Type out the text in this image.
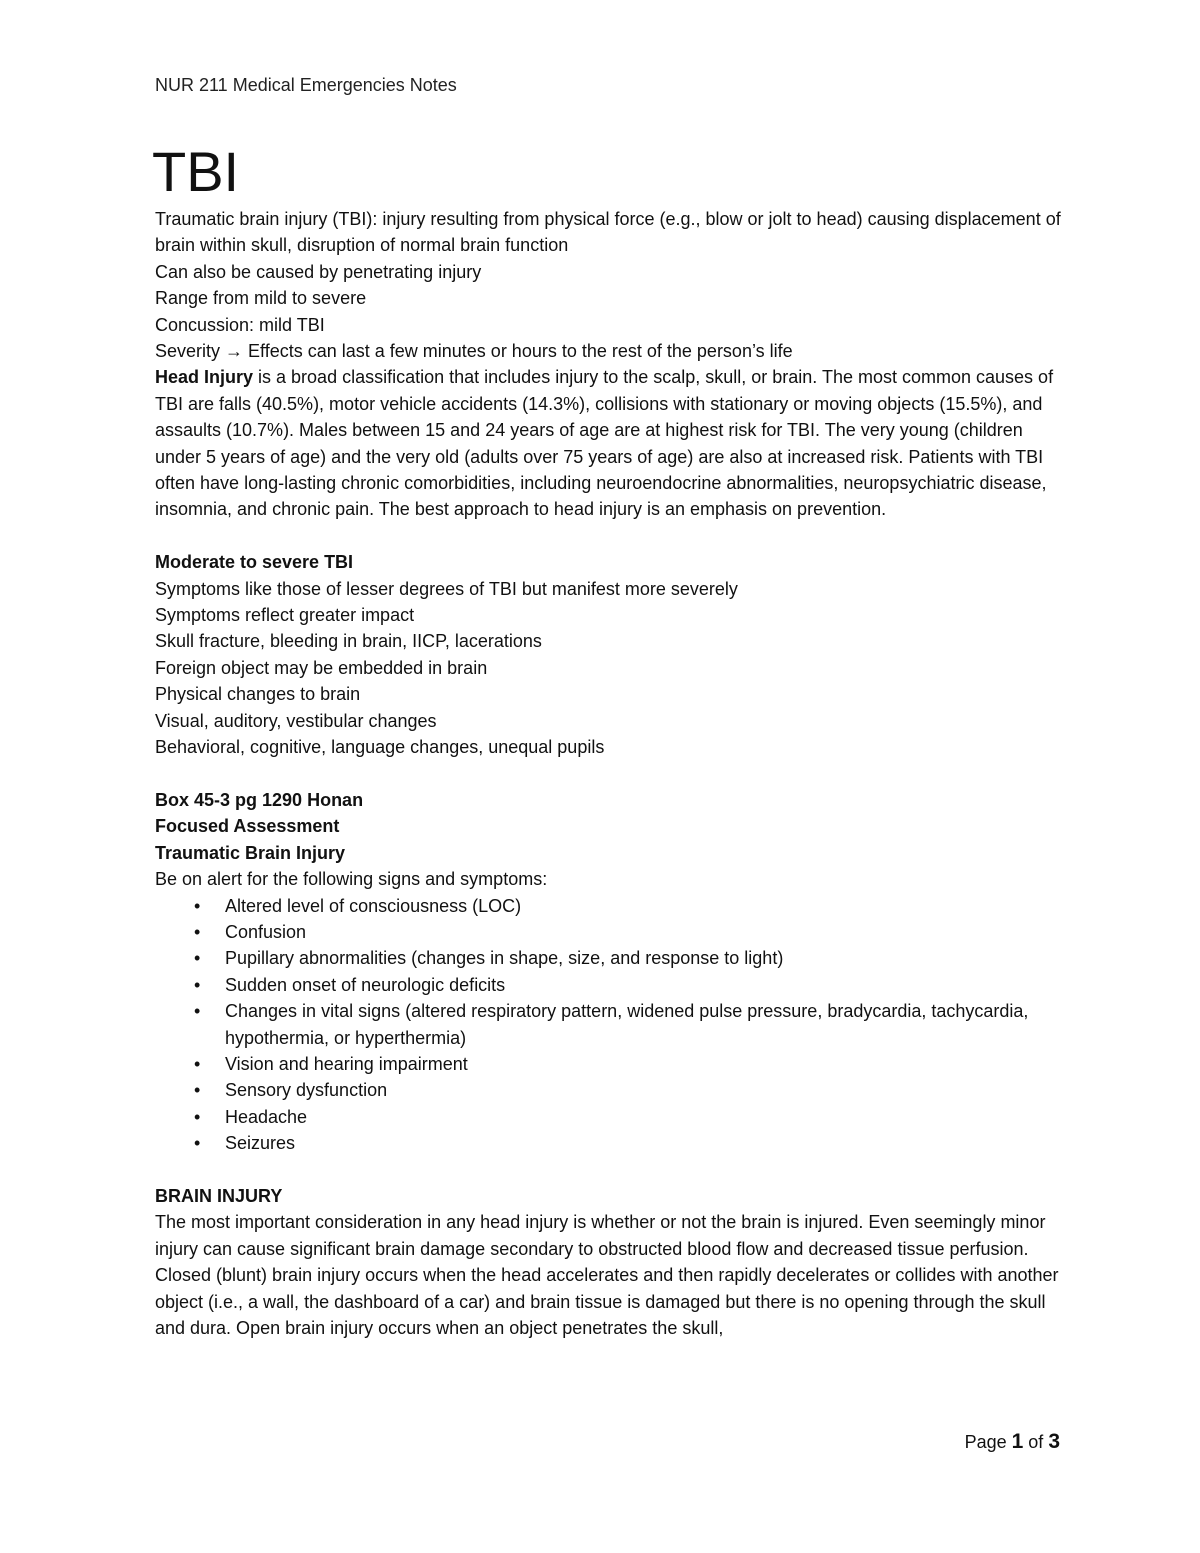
NUR 211 Medical Emergencies Notes
TBI

Traumatic brain injury (TBI): injury resulting from physical force (e.g., blow or jolt to head) causing displacement of brain within skull, disruption of normal brain function

Can also be caused by penetrating injury

Range from mild to severe

Concussion: mild TBI

Severity → Effects can last a few minutes or hours to the rest of the person’s life

Head Injury is a broad classification that includes injury to the scalp, skull, or brain. The most common causes of TBI are falls (40.5%), motor vehicle accidents (14.3%), collisions with stationary or moving objects (15.5%), and assaults (10.7%). Males between 15 and 24 years of age are at highest risk for TBI. The very young (children under 5 years of age) and the very old (adults over 75 years of age) are also at increased risk. Patients with TBI often have long-lasting chronic comorbidities, including neuroendocrine abnormalities, neuropsychiatric disease, insomnia, and chronic pain. The best approach to head injury is an emphasis on prevention.

Moderate to severe TBI

Symptoms like those of lesser degrees of TBI but manifest more severely

Symptoms reflect greater impact

Skull fracture, bleeding in brain, IICP, lacerations

Foreign object may be embedded in brain

Physical changes to brain

Visual, auditory, vestibular changes

Behavioral, cognitive, language changes, unequal pupils

Box 45-3 pg 1290 Honan

Focused Assessment

Traumatic Brain Injury

Be on alert for the following signs and symptoms:

• Altered level of consciousness (LOC)
• Confusion
• Pupillary abnormalities (changes in shape, size, and response to light)
• Sudden onset of neurologic deficits
• Changes in vital signs (altered respiratory pattern, widened pulse pressure, bradycardia, tachycardia, hypothermia, or hyperthermia)
• Vision and hearing impairment
• Sensory dysfunction
• Headache
• Seizures

BRAIN INJURY

The most important consideration in any head injury is whether or not the brain is injured. Even seemingly minor injury can cause significant brain damage secondary to obstructed blood flow and decreased tissue perfusion.

Closed (blunt) brain injury occurs when the head accelerates and then rapidly decelerates or collides with another object (i.e., a wall, the dashboard of a car) and brain tissue is damaged but there is no opening through the skull and dura. Open brain injury occurs when an object penetrates the skull,

Page 1 of 3
